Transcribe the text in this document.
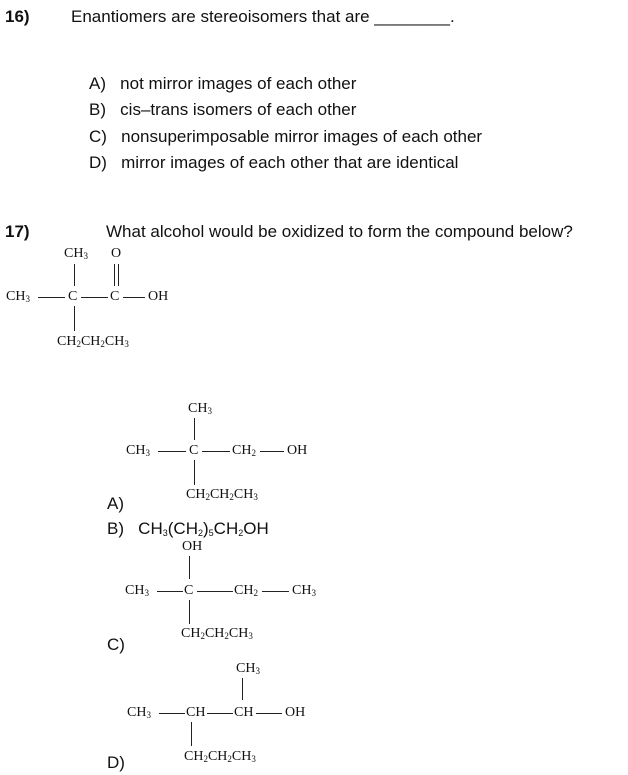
16) Enantiomers are stereoisomers that are ________.
A) not mirror images of each other
B) cis–trans isomers of each other
C) nonsuperimposable mirror images of each other
D) mirror images of each other that are identical
17)	What alcohol would be oxidized to form the compound below?
$CH_3$ O
$CH_3$	C C OH
$CH_2CH_2CH_3$
$CH_3$
$CH_3$	C $CH_2$ OH
$CH_2CH_2CH_3$
A)
B) $CH_3(CH_2)_5CH_2OH$
OH
$CH_3$	C	$CH_2$ $CH_3$
$CH_2CH_2CH_3$
C)
$CH_3$
$CH_3$	CH CH OH
$CH_2CH_2CH_3$
D)
